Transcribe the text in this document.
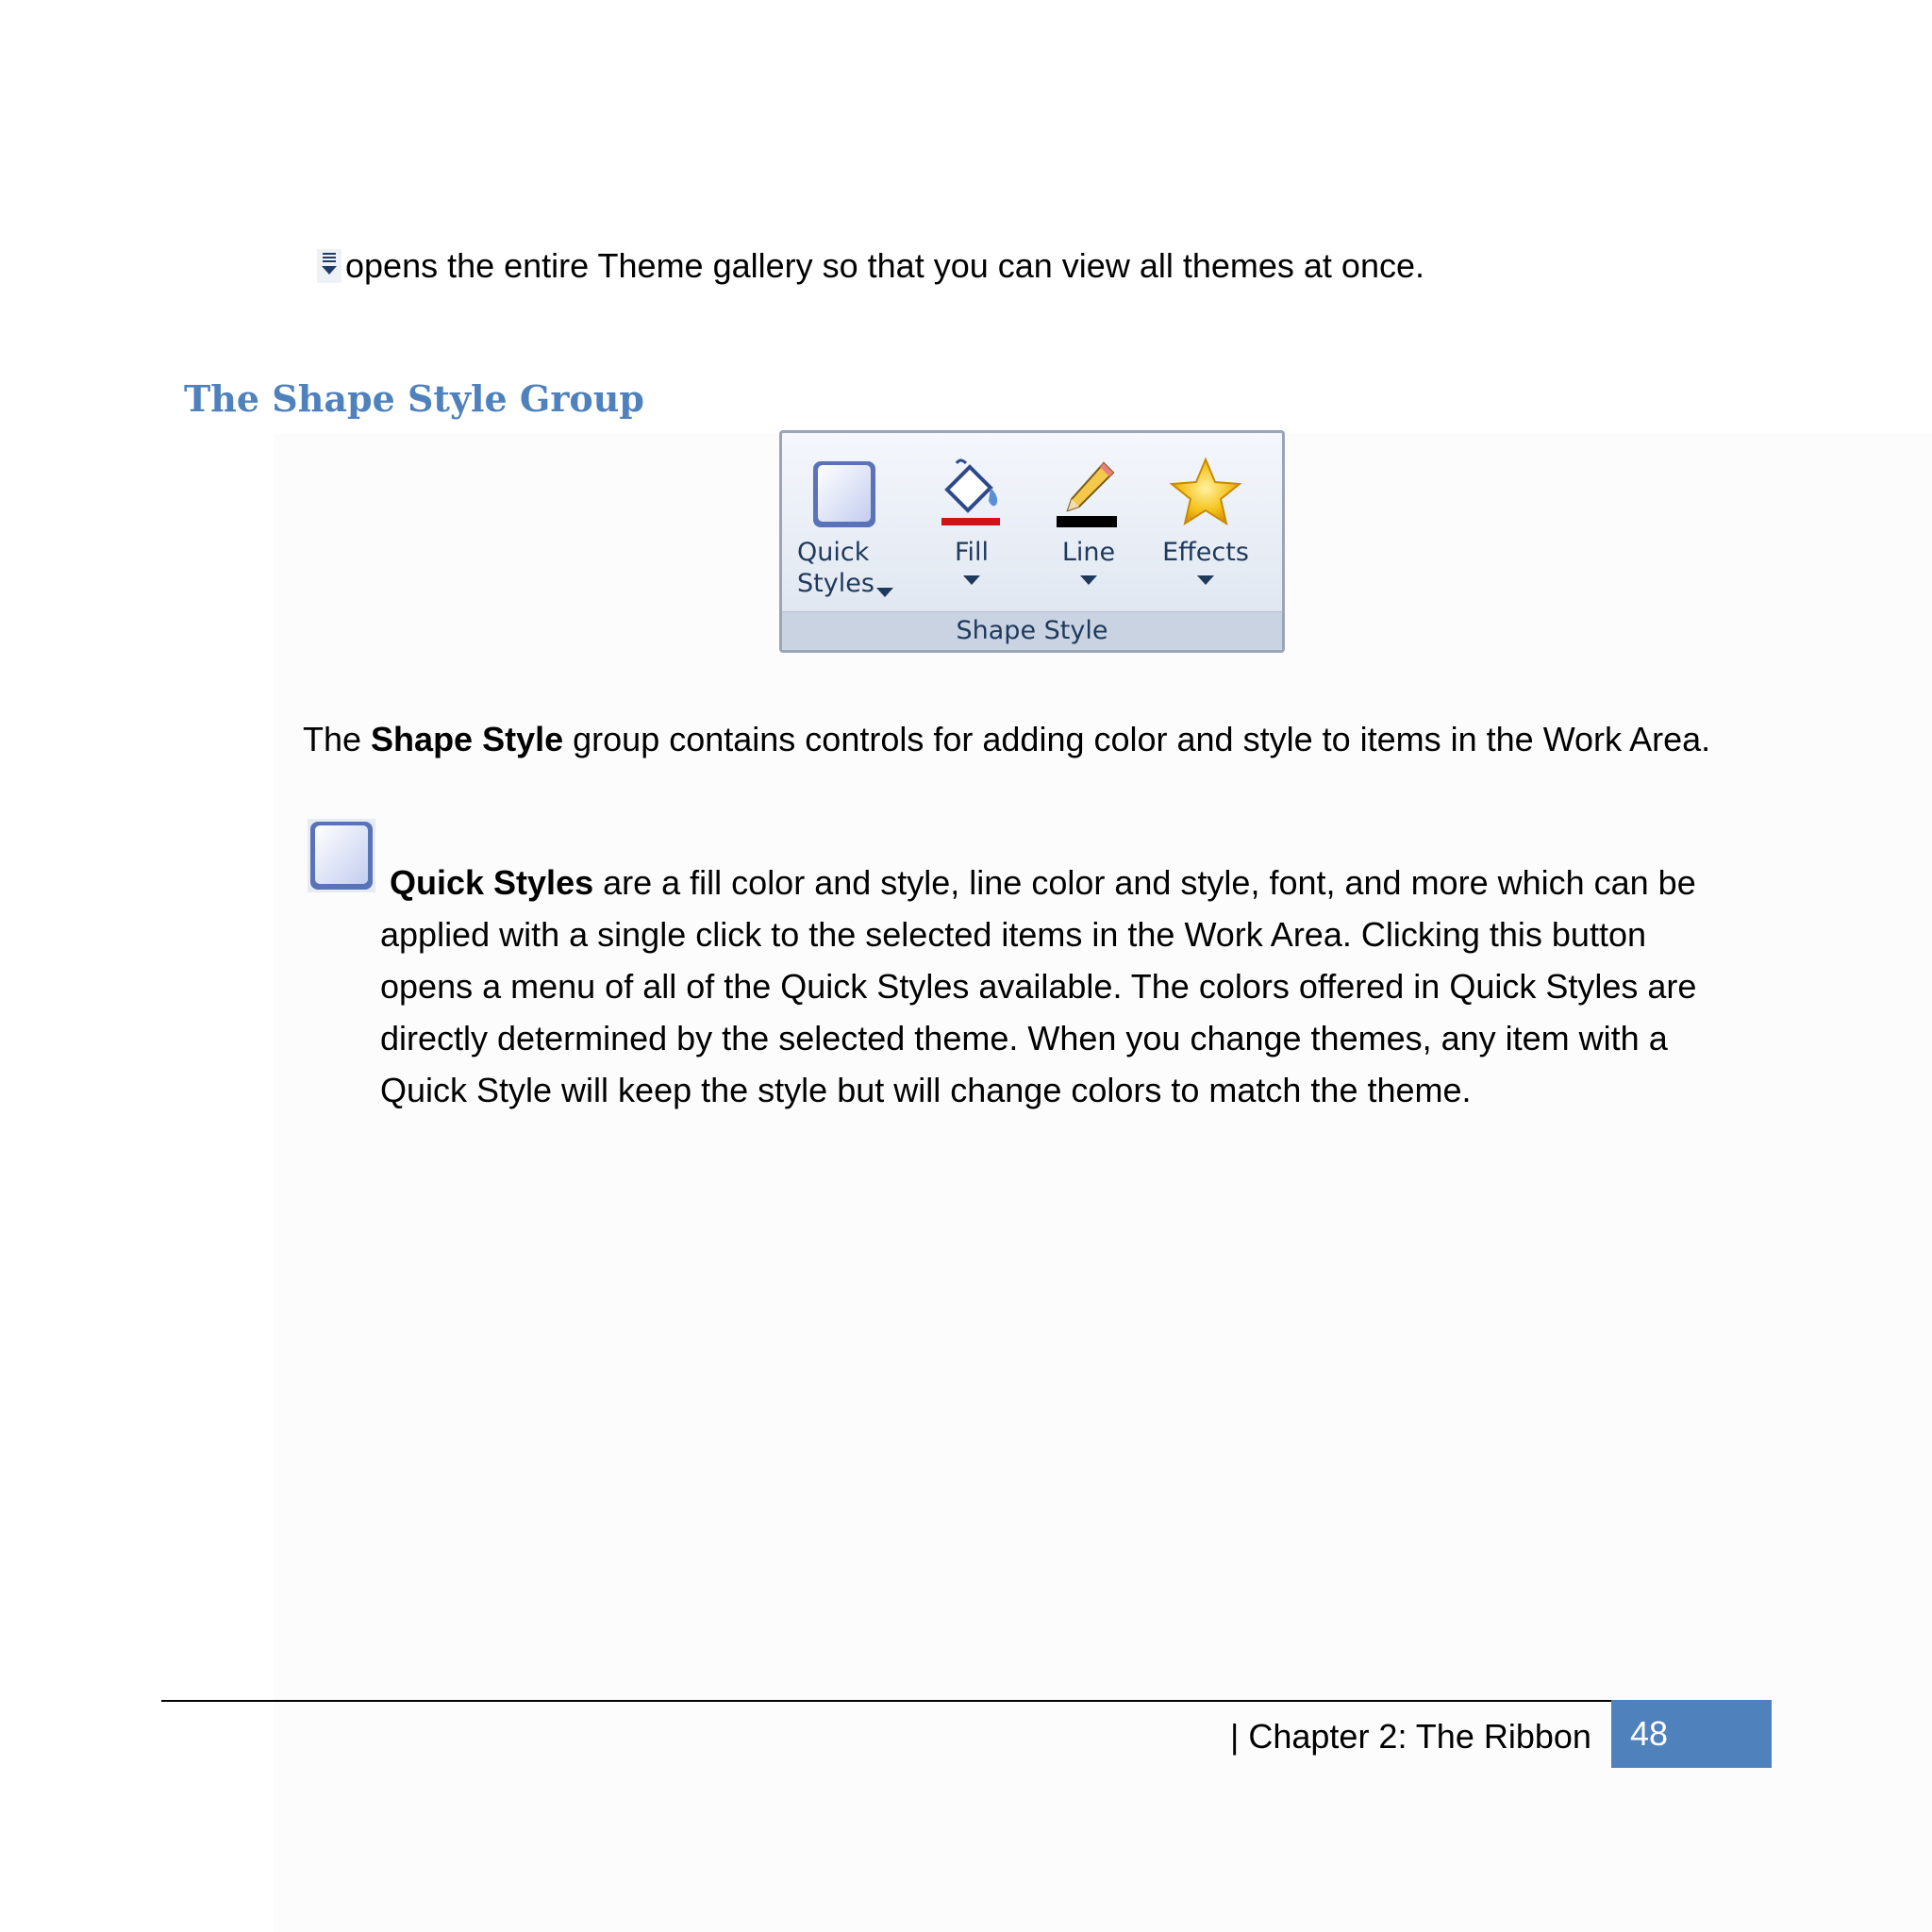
opens the entire Theme gallery so that you can view all themes at once.
The Shape Style Group
Quick
Styles
Fill	Line	Effects
Shape Style
The Shape Style group contains controls for adding color and style to items in the Work Area.
Quick Styles are a fill color and style, line color and style, font, and more which can be
applied with a single click to the selected items in the Work Area. Clicking this button
opens a menu of all of the Quick Styles available. The colors offered in Quick Styles are
directly determined by the selected theme. When you change themes, any item with a
Quick Style will keep the style but will change colors to match the theme.
| Chapter 2: The Ribbon	48
